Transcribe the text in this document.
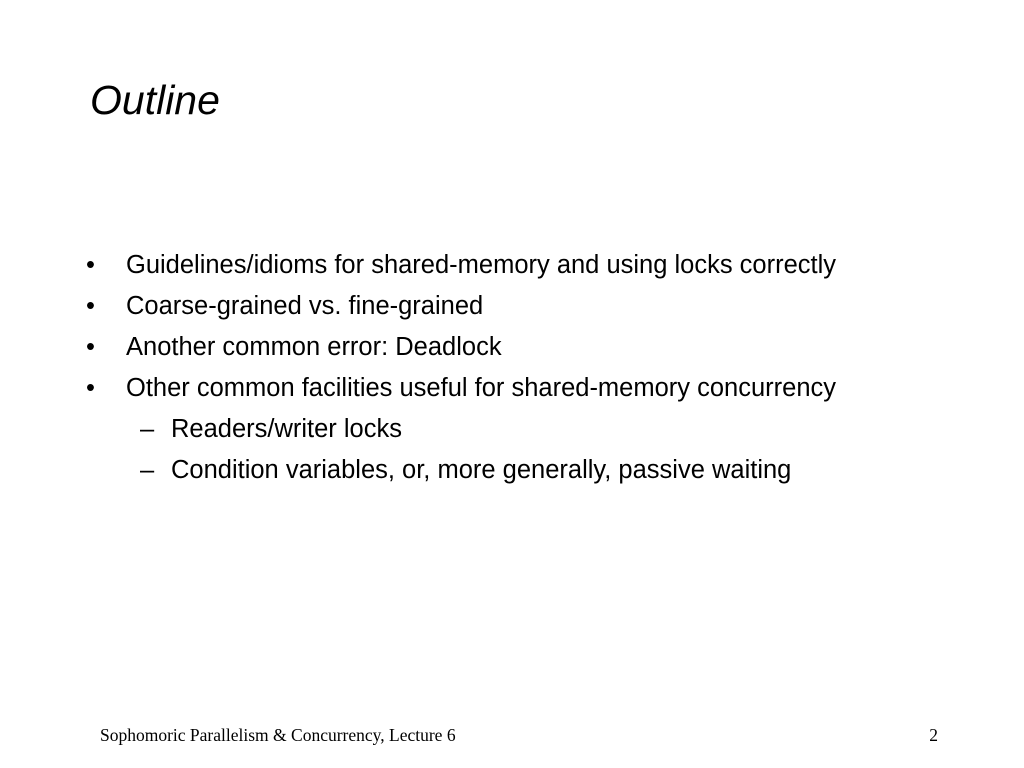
Outline
• Guidelines/idioms for shared-memory and using locks correctly
• Coarse-grained vs. fine-grained
• Another common error: Deadlock
• Other common facilities useful for shared-memory concurrency
– Readers/writer locks
– Condition variables, or, more generally, passive waiting
Sophomoric Parallelism & Concurrency, Lecture 6	2
